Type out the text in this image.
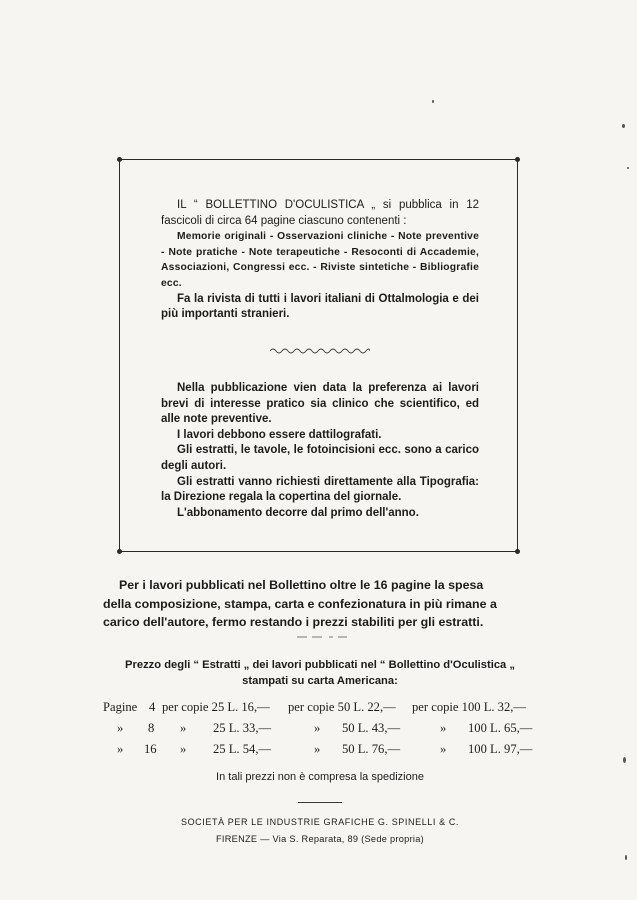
IL “ BOLLETTINO D'OCULISTICA „ si pubblica in 12 fascicoli di circa 64 pagine ciascuno contenenti :

Memorie originali - Osservazioni cliniche - Note preventive - Note pratiche - Note terapeutiche - Resoconti di Accademie, Associazioni, Congressi ecc. - Riviste sintetiche - Bibliografie ecc.

Fa la rivista di tutti i lavori italiani di Ottalmologia e dei più importanti stranieri.

Nella pubblicazione vien data la preferenza ai lavori brevi di interesse pratico sia clinico che scientifico, ed alle note preventive.

I lavori debbono essere dattilografati.

Gli estratti, le tavole, le fotoincisioni ecc. sono a carico degli autori.

Gli estratti vanno richiesti direttamente alla Tipografia: la Direzione regala la copertina del giornale.

L'abbonamento decorre dal primo dell'anno.

Per i lavori pubblicati nel Bollettino oltre le 16 pagine la spesa
della composizione, stampa, carta e confezionatura in più rimane a
carico dell'autore, fermo restando i prezzi stabiliti per gli estratti.
Prezzo degli “ Estratti „ dei lavori pubblicati nel “ Bollettino d'Oculistica „
stampati su carta Americana:
Pagine 4 per copie 25 L. 16,— per copie 50 L. 22,— per copie 100 L. 32,—
» 8 » 25 L. 33,—	» 50 L. 43,—	» 100 L. 65,—
» 16 » 25 L. 54,—	» 50 L. 76,—	» 100 L. 97,—
In tali prezzi non è compresa la spedizione
SOCIETÀ PER LE INDUSTRIE GRAFICHE G. SPINELLI & C.
FIRENZE — Via S. Reparata, 89 (Sede propria)
